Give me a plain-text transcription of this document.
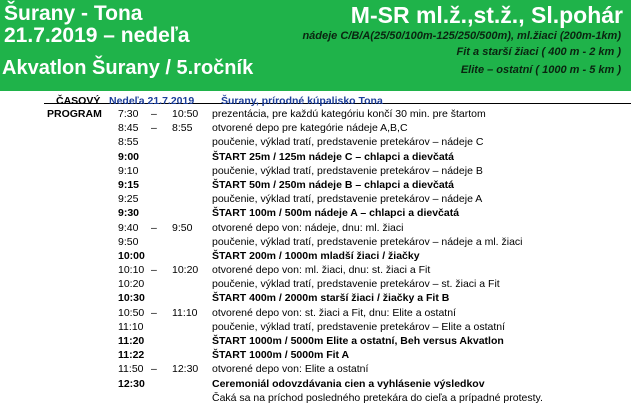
Šurany - Tona
21.7.2019 – nedeľa
Akvatlon Šurany / 5.ročník
M-SR ml.ž.,st.ž., Sl.pohár
nádeje C/B/A(25/50/100m-125/250/500m), ml.žiaci (200m-1km)
Fit a starší žiaci ( 400 m - 2 km )
Elite – ostatní ( 1000 m - 5 km )
ČASOVÝ Nedeľa 21.7.2019	Šurany, prírodné kúpalisko Tona
PROGRAM 7:30 – 10:50 prezentácia, pre každú kategóriu končí 30 min. pre štartom
8:45 – 8:55 otvorené depo pre kategórie nádeje A,B,C
8:55	poučenie, výklad tratí, predstavenie pretekárov – nádeje C
9:00	ŠTART 25m / 125m nádeje C – chlapci a dievčatá
9:10	poučenie, výklad tratí, predstavenie pretekárov – nádeje B
9:15	ŠTART 50m / 250m nádeje B – chlapci a dievčatá
9:25	poučenie, výklad tratí, predstavenie pretekárov – nádeje A
9:30	ŠTART 100m / 500m nádeje A – chlapci a dievčatá
9:40 – 9:50 otvorené depo von: nádeje, dnu: ml. žiaci
9:50	poučenie, výklad tratí, predstavenie pretekárov – nádeje a ml. žiaci
10:00	ŠTART 200m / 1000m mladší žiaci / žiačky
10:10 – 10:20 otvorené depo von: ml. žiaci, dnu: st. žiaci a Fit
10:20	poučenie, výklad tratí, predstavenie pretekárov – st. žiaci a Fit
10:30	ŠTART 400m / 2000m starší žiaci / žiačky a Fit B
10:50 – 11:10 otvorené depo von: st. žiaci a Fit, dnu: Elite a ostatní
11:10	poučenie, výklad tratí, predstavenie pretekárov – Elite a ostatní
11:20	ŠTART 1000m / 5000m Elite a ostatní, Beh versus Akvatlon
11:22	ŠTART 1000m / 5000m Fit A
11:50 – 12:30 otvorené depo von: Elite a ostatní
12:30	Ceremoniál odovzdávania cien a vyhlásenie výsledkov
Čaká sa na príchod posledného pretekára do cieľa a prípadné protesty.
